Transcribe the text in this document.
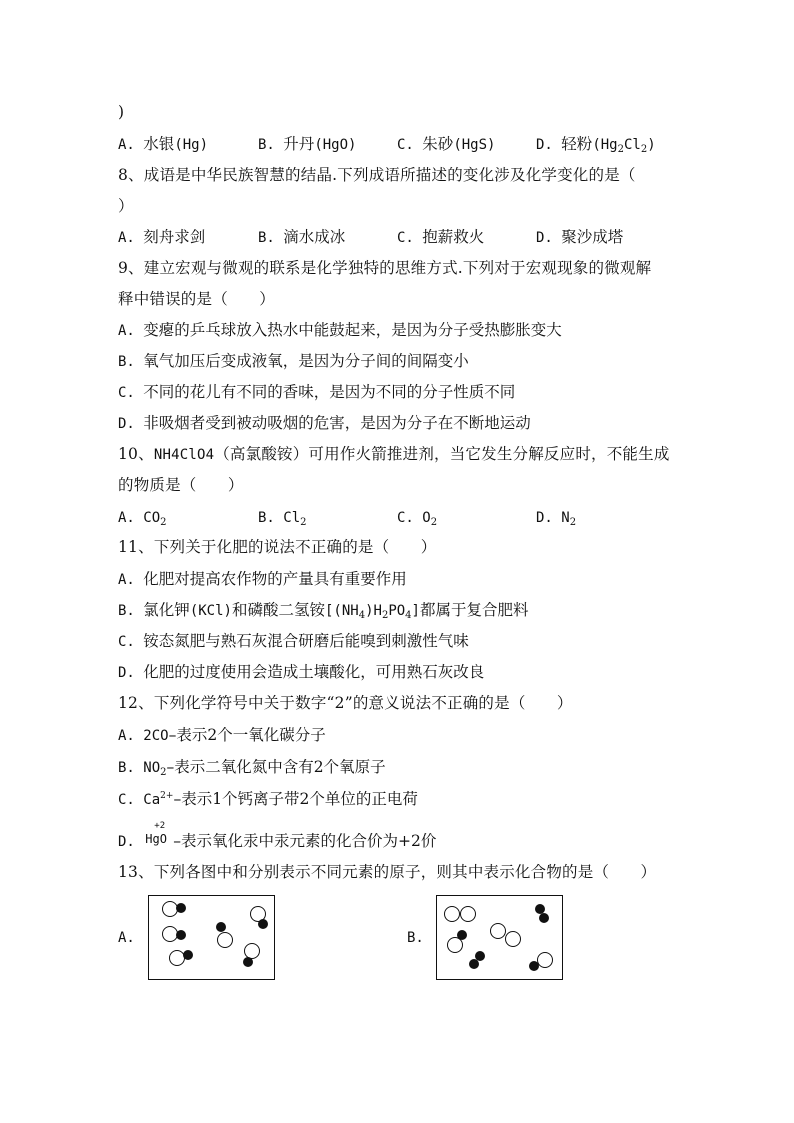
)
A. 水银(Hg)	B. 升丹(HgO)	C. 朱砂(HgS)	D. 轻粉$(Hg_2Cl_2)$
8、成语是中华民族智慧的结晶.下列成语所描述的变化涉及化学变化的是（
）
A. 刻舟求剑	B. 滴水成冰	C. 抱薪救火	D. 聚沙成塔
9、建立宏观与微观的联系是化学独特的思维方式.下列对于宏观现象的微观解
释中错误的是（　　）
A. 变瘪的乒乓球放入热水中能鼓起来，是因为分子受热膨胀变大
B. 氧气加压后变成液氧，是因为分子间的间隔变小
C. 不同的花儿有不同的香味，是因为不同的分子性质不同
D. 非吸烟者受到被动吸烟的危害，是因为分子在不断地运动
10、NH4ClO4（高氯酸铵）可用作火箭推进剂，当它发生分解反应时，不能生成
的物质是（　　）
A. $CO_2$	B. $Cl_2$	C. $O_2$	D. $N_2$
11、下列关于化肥的说法不正确的是（　　）
A. 化肥对提高农作物的产量具有重要作用
B. 氯化钾(KCl)和磷酸二氢铵$[(NH_4)H_2PO_4]$都属于复合肥料
C. 铵态氮肥与熟石灰混合研磨后能嗅到刺激性气味
D. 化肥的过度使用会造成土壤酸化，可用熟石灰改良
12、下列化学符号中关于数字“2”的意义说法不正确的是（　　）
A. 2CO–表示2个一氧化碳分子
B. $NO_2-$表示二氧化氮中含有2个氧原子
C. $Ca^{2+}-$表示1个钙离子带2个单位的正电荷
D.
+2
HgO –表示氧化汞中汞元素的化合价为+2价
13、下列各图中和分别表示不同元素的原子，则其中表示化合物的是（　　）
A.	B.
